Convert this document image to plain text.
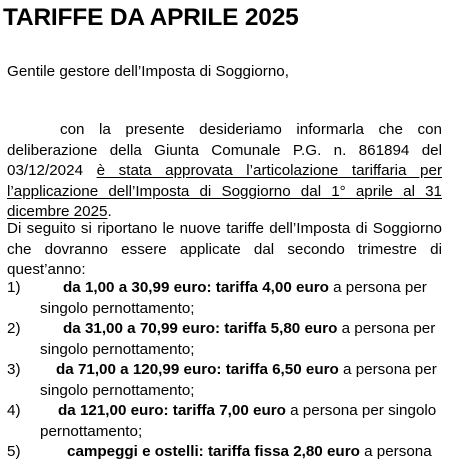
TARIFFE DA APRILE 2025

Gentile gestore dell’Imposta di Soggiorno,

con la presente desideriamo informarla che con deliberazione della Giunta Comunale P.G. n. 861894 del 03/12/2024 è stata approvata l’articolazione tariffaria per l’applicazione dell’Imposta di Soggiorno dal 1° aprile al 31 dicembre 2025.

Di seguito si riportano le nuove tariffe dell’Imposta di Soggiorno che dovranno essere applicate dal secondo trimestre di quest’anno:

1)	da 1,00 a 30,99 euro: tariffa 4,00 euro a persona per
singolo pernottamento;
2)	da 31,00 a 70,99 euro: tariffa 5,80 euro a persona per
singolo pernottamento;
3)	da 71,00 a 120,99 euro: tariffa 6,50 euro a persona per
singolo pernottamento;
4)	da 121,00 euro: tariffa 7,00 euro a persona per singolo
pernottamento;
5)	campeggi e ostelli: tariffa fissa 2,80 euro a persona
